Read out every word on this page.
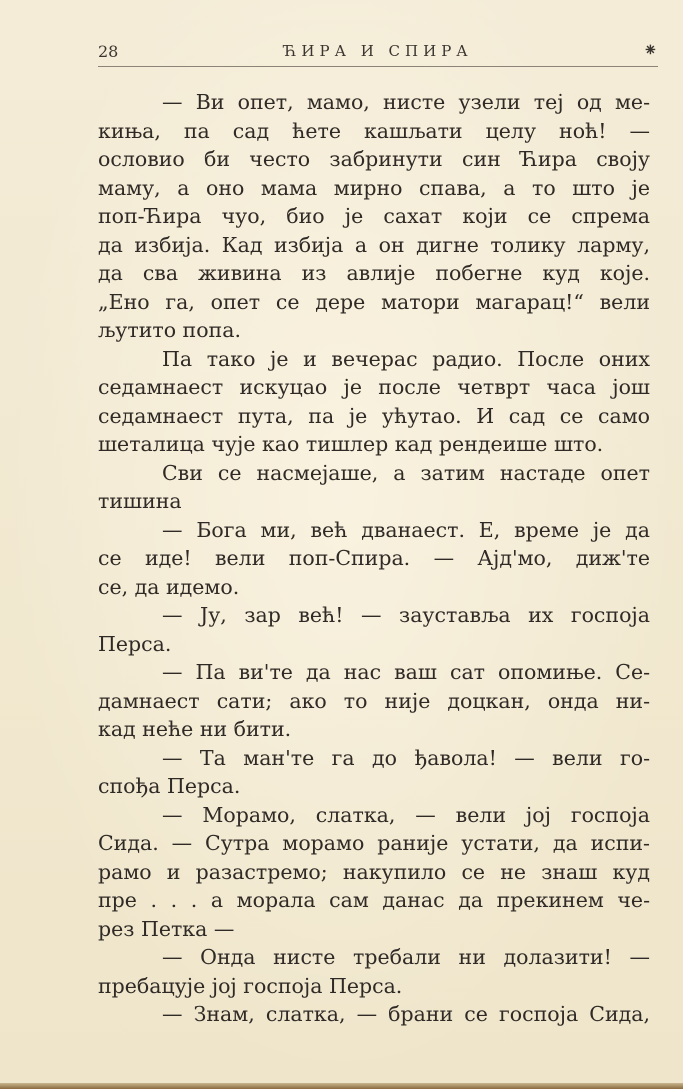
28	ЋИРА И СПИРА	⁕
— Ви опет, мамо, нисте узели теј од ме-
киња, па сад ћете кашљати целу ноћ! —
ословио би често забринути син Ћира своју
маму, а оно мама мирно спава, а то што је
поп-Ћира чуо, био је сахат који се спрема
да избија. Кад избија а он дигне толику ларму,
да сва живина из авлије побегне куд које.
„Ено га, опет се дере матори магарац!“ вели
љутито попа.
Па тако је и вечерас радио. После оних
седамнаест искуцао је после четврт часа још
седамнаест пута, па је ућутао. И сад се само
шеталица чује као тишлер кад рендеише што.
Сви се насмејаше, а затим настаде опет
тишина
— Бога ми, већ дванаест. Е, време је да
се иде! вели поп-Спира. — Ајд'мо, диж'те
се, да идемо.
— Ју, зар већ! — зауставља их госпоја
Перса.
— Па ви'те да нас ваш сат опомиње. Се-
дамнаест сати; ако то није доцкан, онда ни-
кад неће ни бити.
— Та ман'те га до ђавола! — вели го-
спођа Перса.
— Морамо, слатка, — вели јој госпоја
Сида. — Сутра морамо раније устати, да испи-
рамо и разастремо; накупило се не знаш куд
пре . . . а морала сам данас да прекинем че-
рез Петка —
— Онда нисте требали ни долазити! —
пребацује јој госпоја Перса.
— Знам, слатка, — брани се госпоја Сида,
